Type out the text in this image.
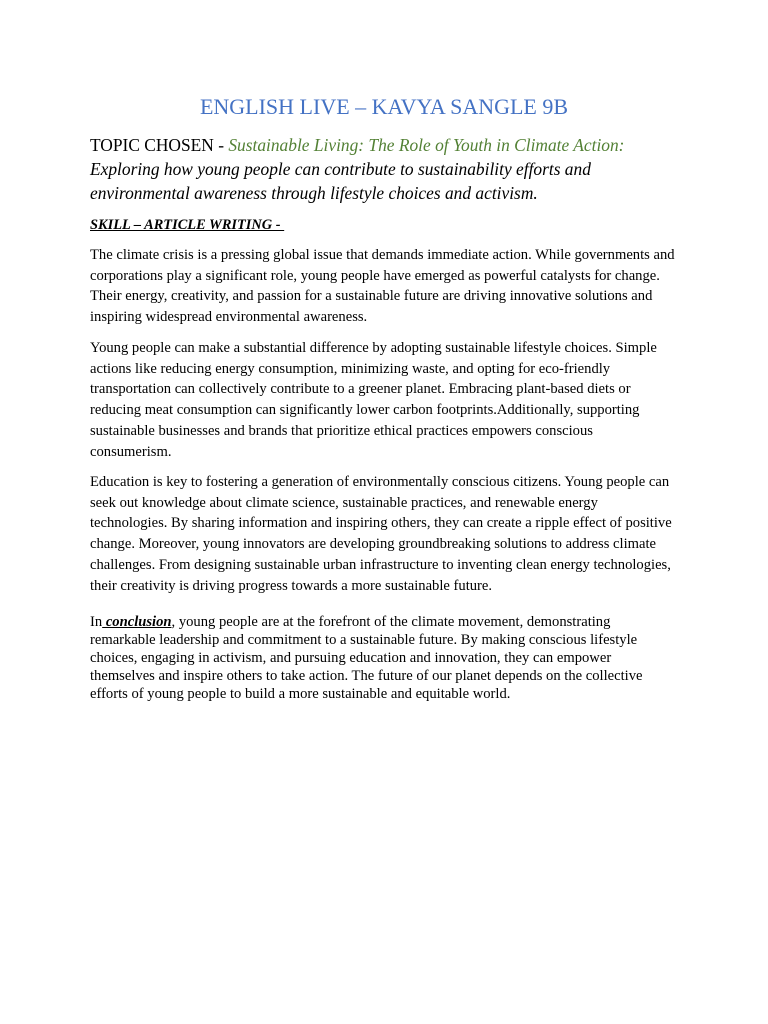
ENGLISH LIVE – KAVYA SANGLE 9B
TOPIC CHOSEN - Sustainable Living: The Role of Youth in Climate Action: Exploring how young people can contribute to sustainability efforts and environmental awareness through lifestyle choices and activism.
SKILL – ARTICLE WRITING -

The climate crisis is a pressing global issue that demands immediate action. While governments and corporations play a significant role, young people have emerged as powerful catalysts for change. Their energy, creativity, and passion for a sustainable future are driving innovative solutions and inspiring widespread environmental awareness.

Young people can make a substantial difference by adopting sustainable lifestyle choices. Simple actions like reducing energy consumption, minimizing waste, and opting for eco-friendly transportation can collectively contribute to a greener planet. Embracing plant-based diets or reducing meat consumption can significantly lower carbon footprints.Additionally, supporting sustainable businesses and brands that prioritize ethical practices empowers conscious consumerism.

Education is key to fostering a generation of environmentally conscious citizens. Young people can seek out knowledge about climate science, sustainable practices, and renewable energy technologies. By sharing information and inspiring others, they can create a ripple effect of positive change. Moreover, young innovators are developing groundbreaking solutions to address climate challenges. From designing sustainable urban infrastructure to inventing clean energy technologies, their creativity is driving progress towards a more sustainable future.

In conclusion, young people are at the forefront of the climate movement, demonstrating remarkable leadership and commitment to a sustainable future. By making conscious lifestyle choices, engaging in activism, and pursuing education and innovation, they can empower themselves and inspire others to take action. The future of our planet depends on the collective efforts of young people to build a more sustainable and equitable world.
